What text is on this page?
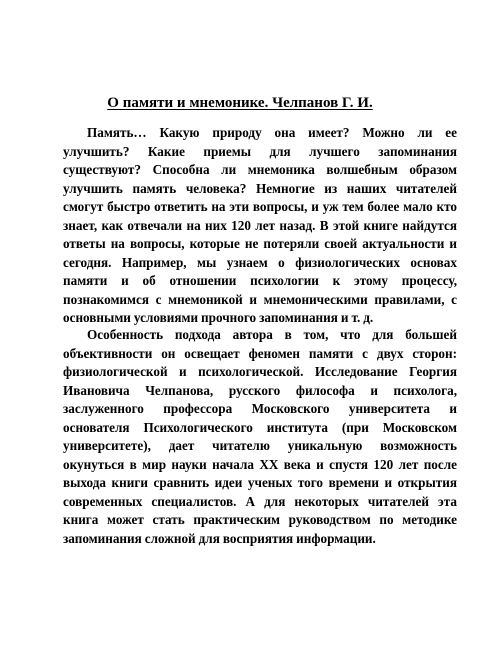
О памяти и мнемонике. Челпанов Г. И.

Память… Какую природу она имеет? Можно ли ее улучшить? Какие приемы для лучшего запоминания существуют? Способна ли мнемоника волшебным образом улучшить память человека? Немногие из наших читателей смогут быстро ответить на эти вопросы, и уж тем более мало кто знает, как отвечали на них 120 лет назад. В этой книге найдутся ответы на вопросы, которые не потеряли своей актуальности и сегодня. Например, мы узнаем о физиологических основах памяти и об отношении психологии к этому процессу, познакомимся с мнемоникой и мнемоническими правилами, с основными условиями прочного запоминания и т. д.

Особенность подхода автора в том, что для большей объективности он освещает феномен памяти с двух сторон: физиологической и психологической. Исследование Георгия Ивановича Челпанова, русского философа и психолога, заслуженного профессора Московского университета и основателя Психологического института (при Московском университете), дает читателю уникальную возможность окунуться в мир науки начала XX века и спустя 120 лет после выхода книги сравнить идеи ученых того времени и открытия современных специалистов. А для некоторых читателей эта книга может стать практическим руководством по методике запоминания сложной для восприятия информации.
